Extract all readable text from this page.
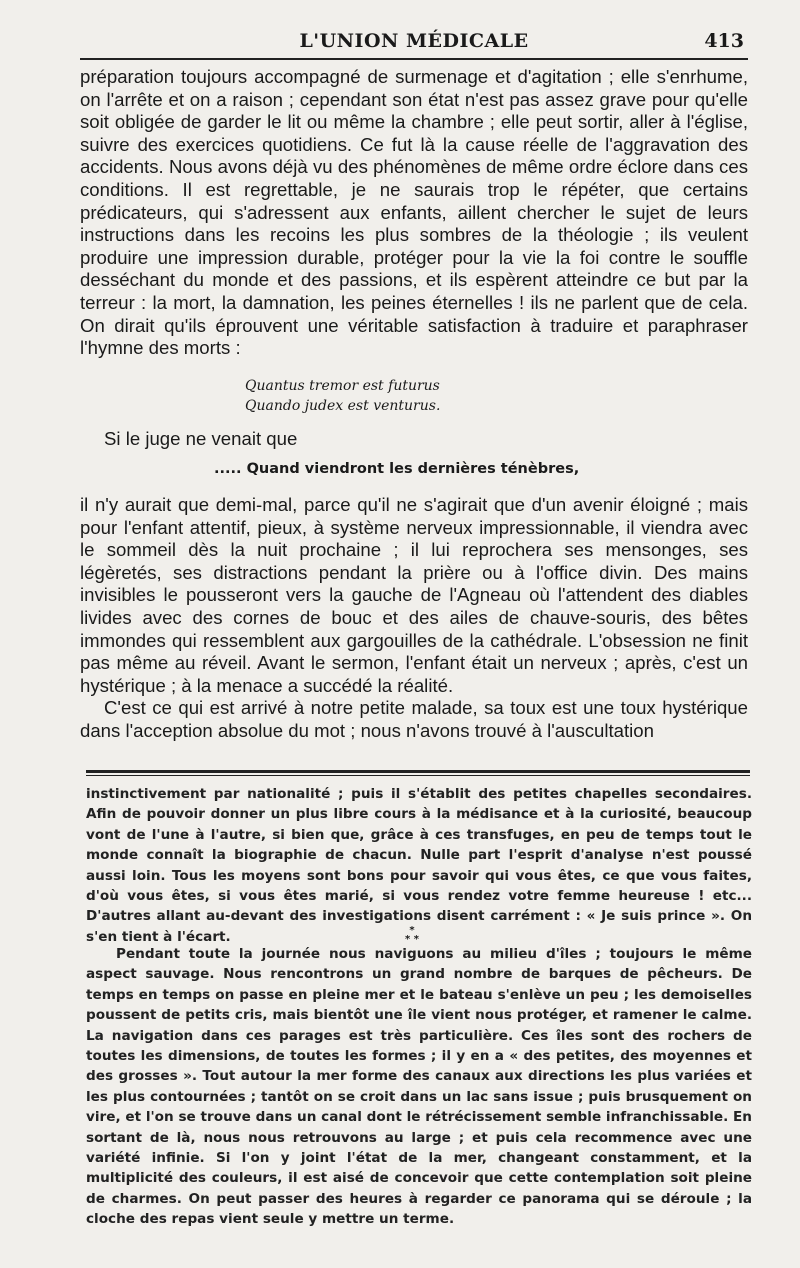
L'UNION MÉDICALE	413

préparation toujours accompagné de surmenage et d'agitation ; elle s'enrhume, on l'arrête et on a raison ; cependant son état n'est pas assez grave pour qu'elle soit obligée de garder le lit ou même la chambre ; elle peut sortir, aller à l'église, suivre des exercices quotidiens. Ce fut là la cause réelle de l'aggravation des accidents. Nous avons déjà vu des phénomènes de même ordre éclore dans ces conditions. Il est regrettable, je ne saurais trop le répéter, que certains prédicateurs, qui s'adressent aux enfants, aillent chercher le sujet de leurs instructions dans les recoins les plus sombres de la théologie ; ils veulent produire une impression durable, protéger pour la vie la foi contre le souffle desséchant du monde et des passions, et ils espèrent atteindre ce but par la terreur : la mort, la damnation, les peines éternelles ! ils ne parlent que de cela. On dirait qu'ils éprouvent une véritable satisfaction à traduire et paraphraser l'hymne des morts :

Quantus tremor est futurus
Quando judex est venturus.
Si le juge ne venait que
..... Quand viendront les dernières ténèbres,

il n'y aurait que demi-mal, parce qu'il ne s'agirait que d'un avenir éloigné ; mais pour l'enfant attentif, pieux, à système nerveux impressionnable, il viendra avec le sommeil dès la nuit prochaine ; il lui reprochera ses mensonges, ses légèretés, ses distractions pendant la prière ou à l'office divin. Des mains invisibles le pousseront vers la gauche de l'Agneau où l'attendent des diables livides avec des cornes de bouc et des ailes de chauve-souris, des bêtes immondes qui ressemblent aux gargouilles de la cathédrale. L'obsession ne finit pas même au réveil. Avant le sermon, l'enfant était un nerveux ; après, c'est un hystérique ; à la menace a succédé la réalité.

C'est ce qui est arrivé à notre petite malade, sa toux est une toux hystérique dans l'acception absolue du mot ; nous n'avons trouvé à l'auscultation

instinctivement par nationalité ; puis il s'établit des petites chapelles secondaires. Afin de pouvoir donner un plus libre cours à la médisance et à la curiosité, beaucoup vont de l'une à l'autre, si bien que, grâce à ces transfuges, en peu de temps tout le monde connaît la biographie de chacun. Nulle part l'esprit d'analyse n'est poussé aussi loin. Tous les moyens sont bons pour savoir qui vous êtes, ce que vous faites, d'où vous êtes, si vous êtes marié, si vous rendez votre femme heureuse ! etc... D'autres allant au-devant des investigations disent carrément : « Je suis prince ». On s'en tient à l'écart.	*
* *

Pendant toute la journée nous naviguons au milieu d'îles ; toujours le même aspect sauvage. Nous rencontrons un grand nombre de barques de pêcheurs. De temps en temps on passe en pleine mer et le bateau s'enlève un peu ; les demoiselles poussent de petits cris, mais bientôt une île vient nous protéger, et ramener le calme. La navigation dans ces parages est très particulière. Ces îles sont des rochers de toutes les dimensions, de toutes les formes ; il y en a « des petites, des moyennes et des grosses ». Tout autour la mer forme des canaux aux directions les plus variées et les plus contournées ; tantôt on se croit dans un lac sans issue ; puis brusquement on vire, et l'on se trouve dans un canal dont le rétrécissement semble infranchissable. En sortant de là, nous nous retrouvons au large ; et puis cela recommence avec une variété infinie. Si l'on y joint l'état de la mer, changeant constamment, et la multiplicité des couleurs, il est aisé de concevoir que cette contemplation soit pleine de charmes. On peut passer des heures à regarder ce panorama qui se déroule ; la cloche des repas vient seule y mettre un terme.
